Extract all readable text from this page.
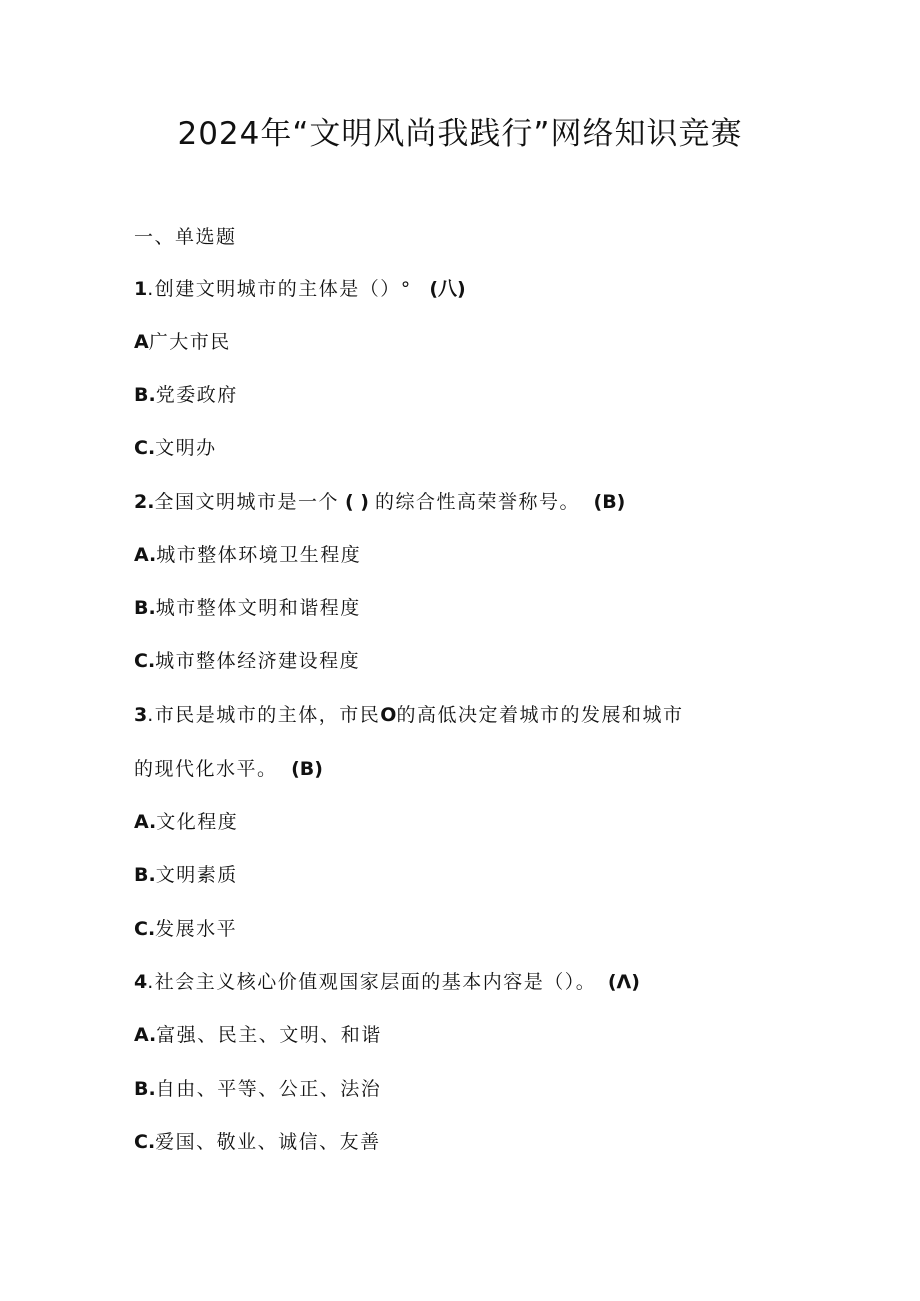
2024年“文明风尚我践行”网络知识竞赛
一、单选题
1.创建文明城市的主体是（）° (八)
A广大市民
B.党委政府
C.文明办
2.全国文明城市是一个 ( ) 的综合性高荣誉称号。 (B)
A.城市整体环境卫生程度
B.城市整体文明和谐程度
C.城市整体经济建设程度
3.市民是城市的主体，市民O的高低决定着城市的发展和城市
的现代化水平。 (B)
A.文化程度
B.文明素质
C.发展水平
4.社会主义核心价值观国家层面的基本内容是（）。 (Λ)
A.富强、民主、文明、和谐
B.自由、平等、公正、法治
C.爱国、敬业、诚信、友善
